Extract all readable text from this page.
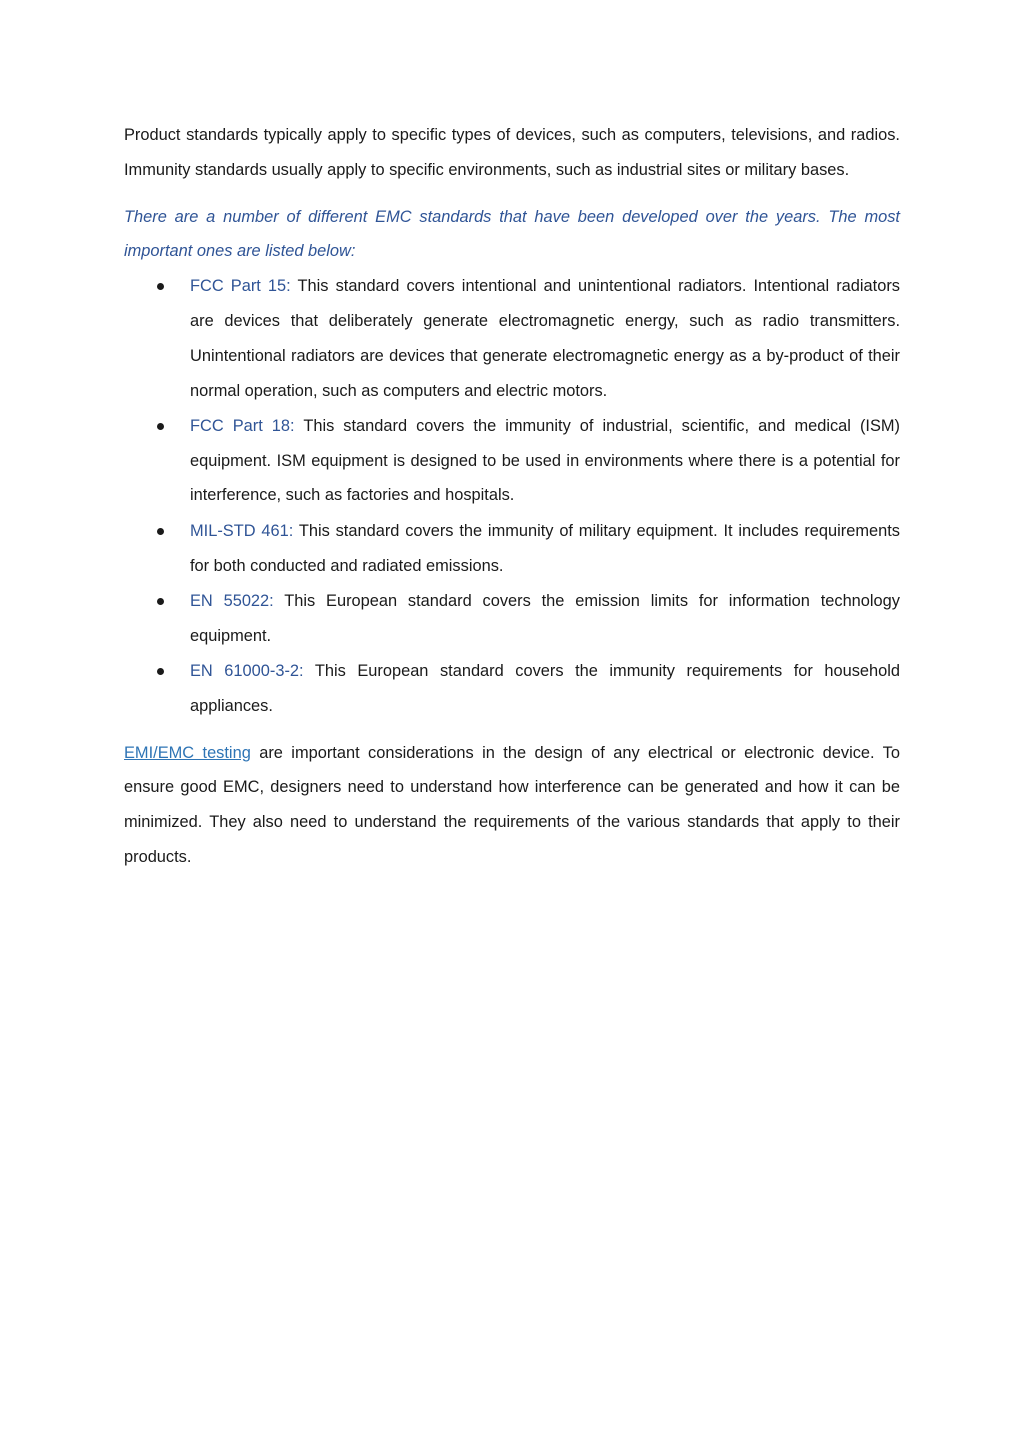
Product standards typically apply to specific types of devices, such as computers, televisions, and radios. Immunity standards usually apply to specific environments, such as industrial sites or military bases.

There are a number of different EMC standards that have been developed over the years. The most important ones are listed below:

FCC Part 15: This standard covers intentional and unintentional radiators. Intentional radiators are devices that deliberately generate electromagnetic energy, such as radio transmitters. Unintentional radiators are devices that generate electromagnetic energy as a by-product of their normal operation, such as computers and electric motors.
FCC Part 18: This standard covers the immunity of industrial, scientific, and medical (ISM) equipment. ISM equipment is designed to be used in environments where there is a potential for interference, such as factories and hospitals.
MIL-STD 461: This standard covers the immunity of military equipment. It includes requirements for both conducted and radiated emissions.
EN 55022: This European standard covers the emission limits for information technology equipment.
EN 61000-3-2: This European standard covers the immunity requirements for household appliances.

EMI/EMC testing are important considerations in the design of any electrical or electronic device. To ensure good EMC, designers need to understand how interference can be generated and how it can be minimized. They also need to understand the requirements of the various standards that apply to their products.
